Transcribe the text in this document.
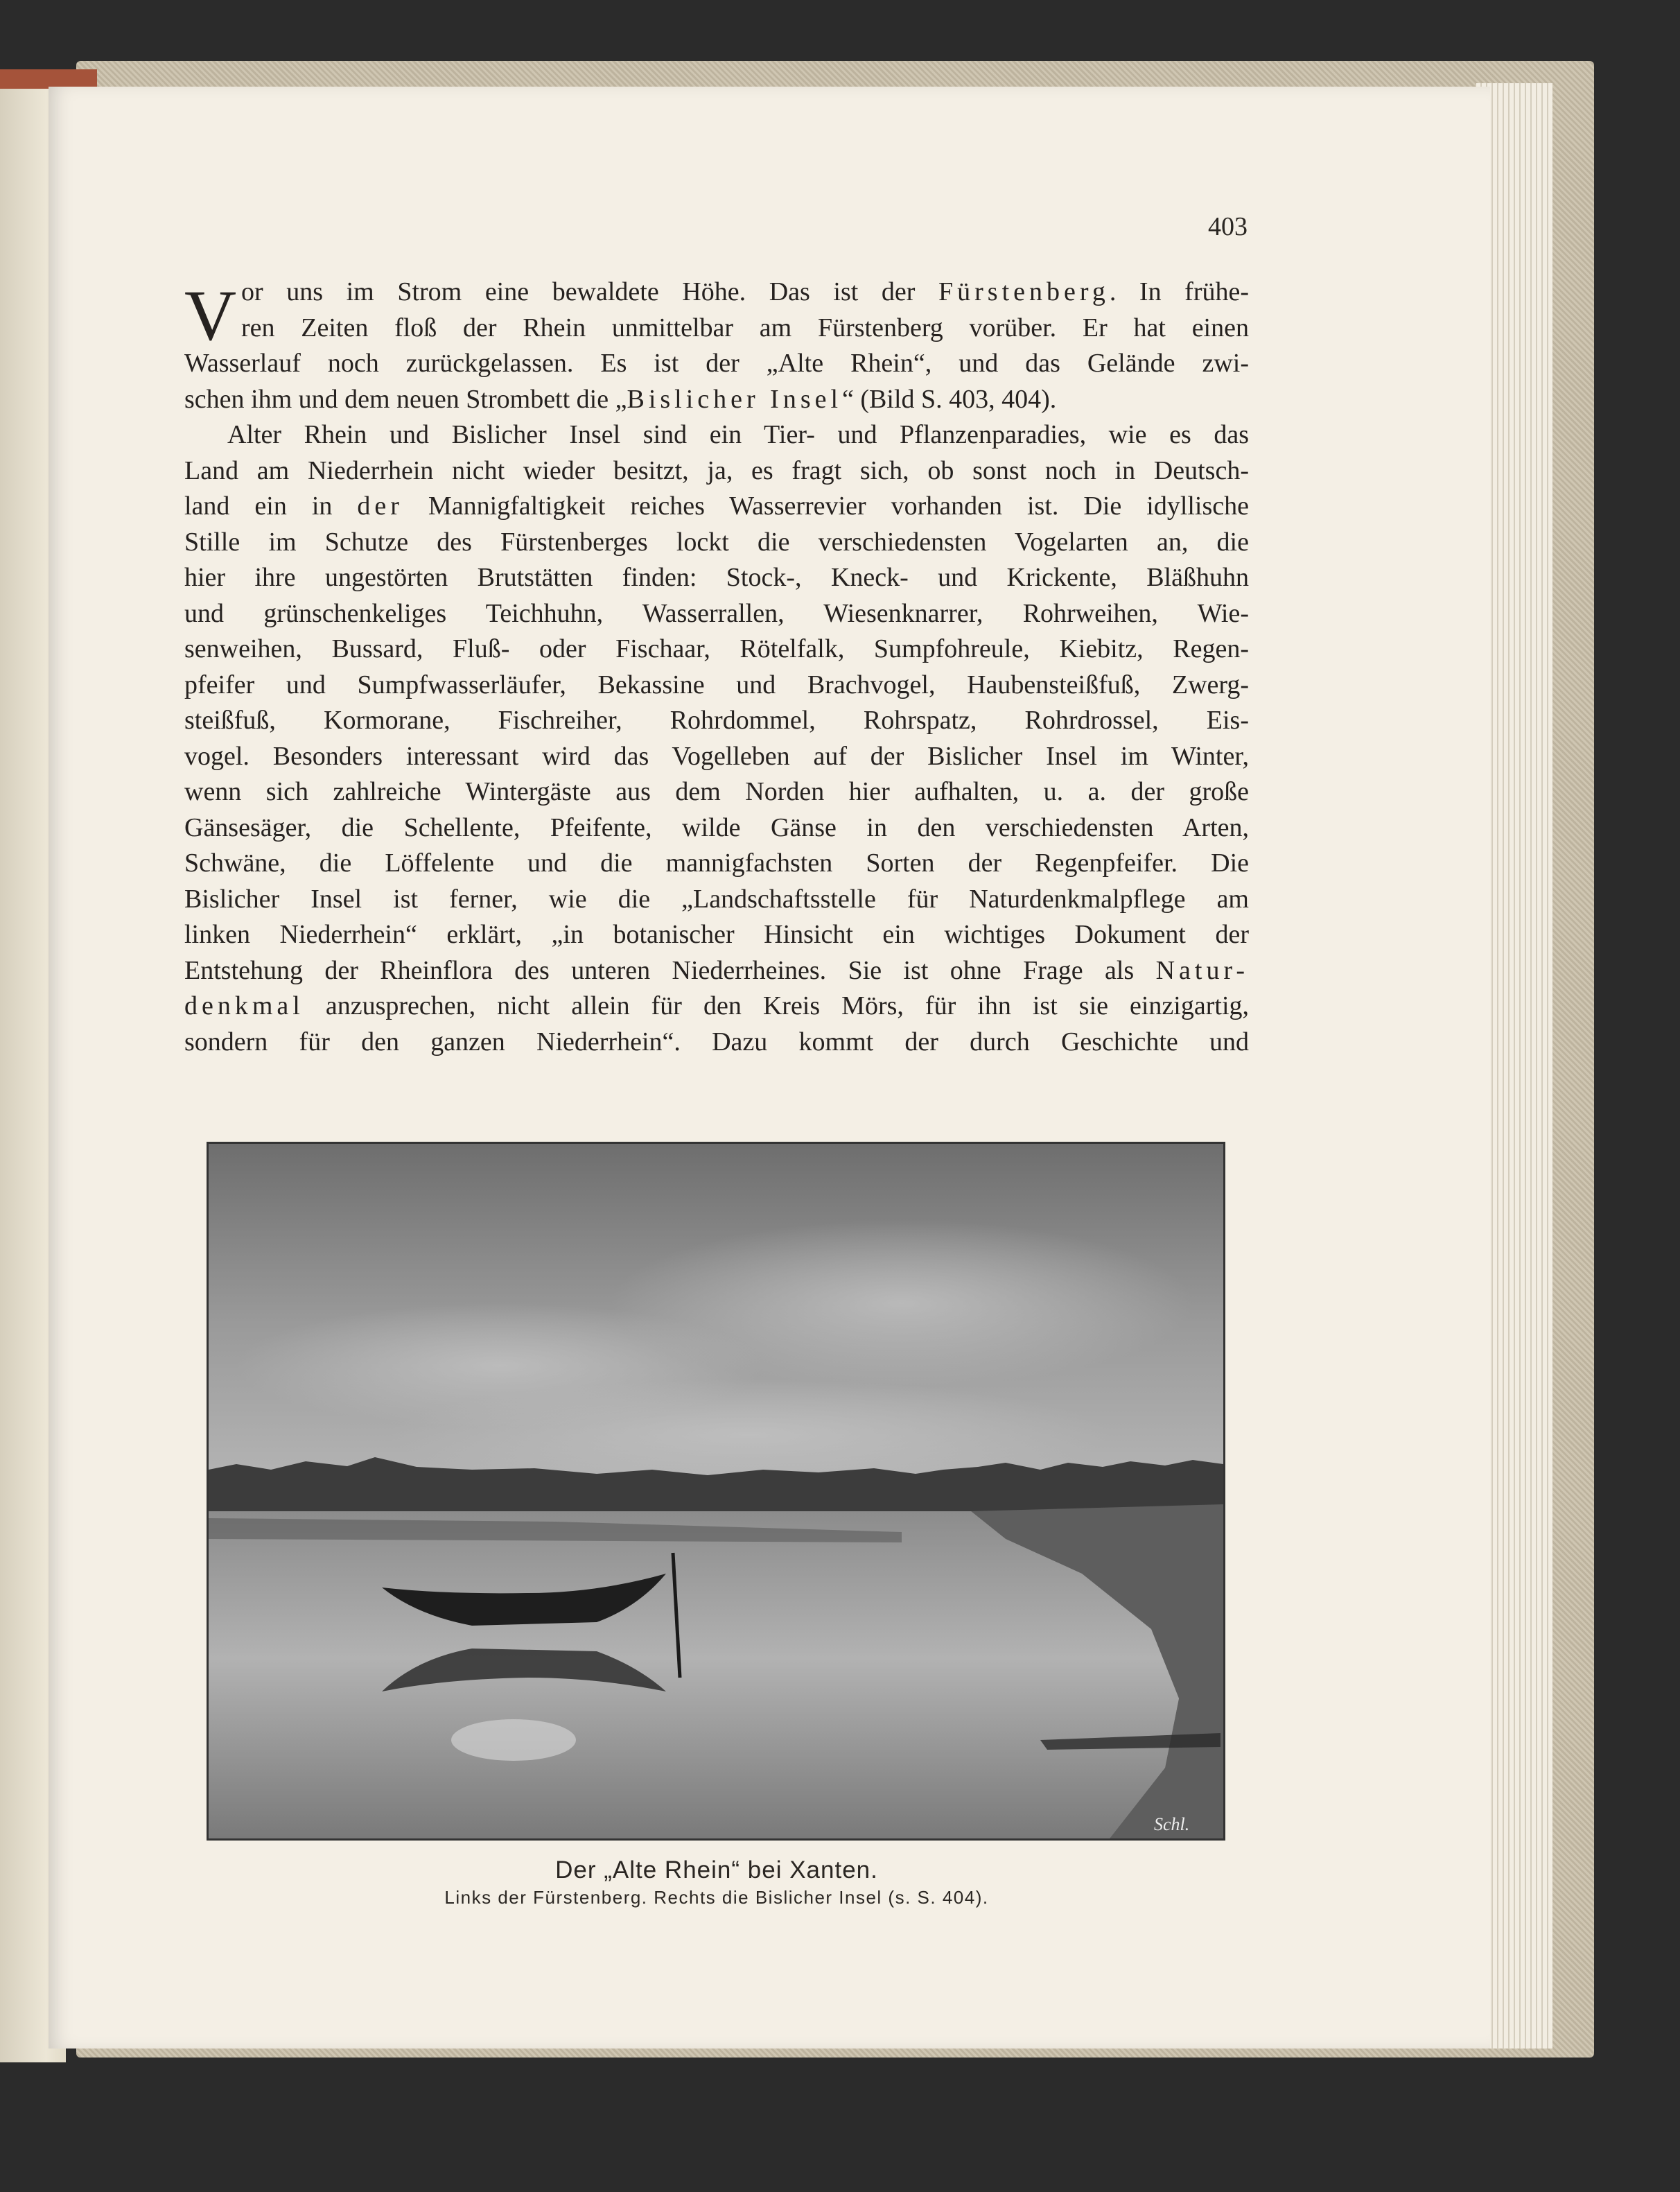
403
V or uns im Strom eine bewaldete Höhe. Das ist der Fürstenberg. In frühe-
ren Zeiten floß der Rhein unmittelbar am Fürstenberg vorüber. Er hat einen
Wasserlauf noch zurückgelassen. Es ist der „Alte Rhein“, und das Gelände zwi-
schen ihm und dem neuen Strombett die „Bislicher Insel“ (Bild S. 403, 404).
Alter Rhein und Bislicher Insel sind ein Tier- und Pflanzenparadies, wie es das
Land am Niederrhein nicht wieder besitzt, ja, es fragt sich, ob sonst noch in Deutsch-
land ein in der Mannigfaltigkeit reiches Wasserrevier vorhanden ist. Die idyllische
Stille im Schutze des Fürstenberges lockt die verschiedensten Vogelarten an, die
hier ihre ungestörten Brutstätten finden: Stock-, Kneck- und Krickente, Bläßhuhn
und grünschenkeliges Teichhuhn, Wasserrallen, Wiesenknarrer, Rohrweihen, Wie-
senweihen, Bussard, Fluß- oder Fischaar, Rötelfalk, Sumpfohreule, Kiebitz, Regen-
pfeifer und Sumpfwasserläufer, Bekassine und Brachvogel, Haubensteißfuß, Zwerg-
steißfuß, Kormorane, Fischreiher, Rohrdommel, Rohrspatz, Rohrdrossel, Eis-
vogel. Besonders interessant wird das Vogelleben auf der Bislicher Insel im Winter,
wenn sich zahlreiche Wintergäste aus dem Norden hier aufhalten, u. a. der große
Gänsesäger, die Schellente, Pfeifente, wilde Gänse in den verschiedensten Arten,
Schwäne, die Löffelente und die mannigfachsten Sorten der Regenpfeifer. Die
Bislicher Insel ist ferner, wie die „Landschaftsstelle für Naturdenkmalpflege am
linken Niederrhein“ erklärt, „in botanischer Hinsicht ein wichtiges Dokument der
Entstehung der Rheinflora des unteren Niederrheines. Sie ist ohne Frage als Natur-
denkmal anzusprechen, nicht allein für den Kreis Mörs, für ihn ist sie einzigartig,
sondern für den ganzen Niederrhein“. Dazu kommt der durch Geschichte und
Schl.
Der „Alte Rhein“ bei Xanten.
Links der Fürstenberg. Rechts die Bislicher Insel (s. S. 404).
